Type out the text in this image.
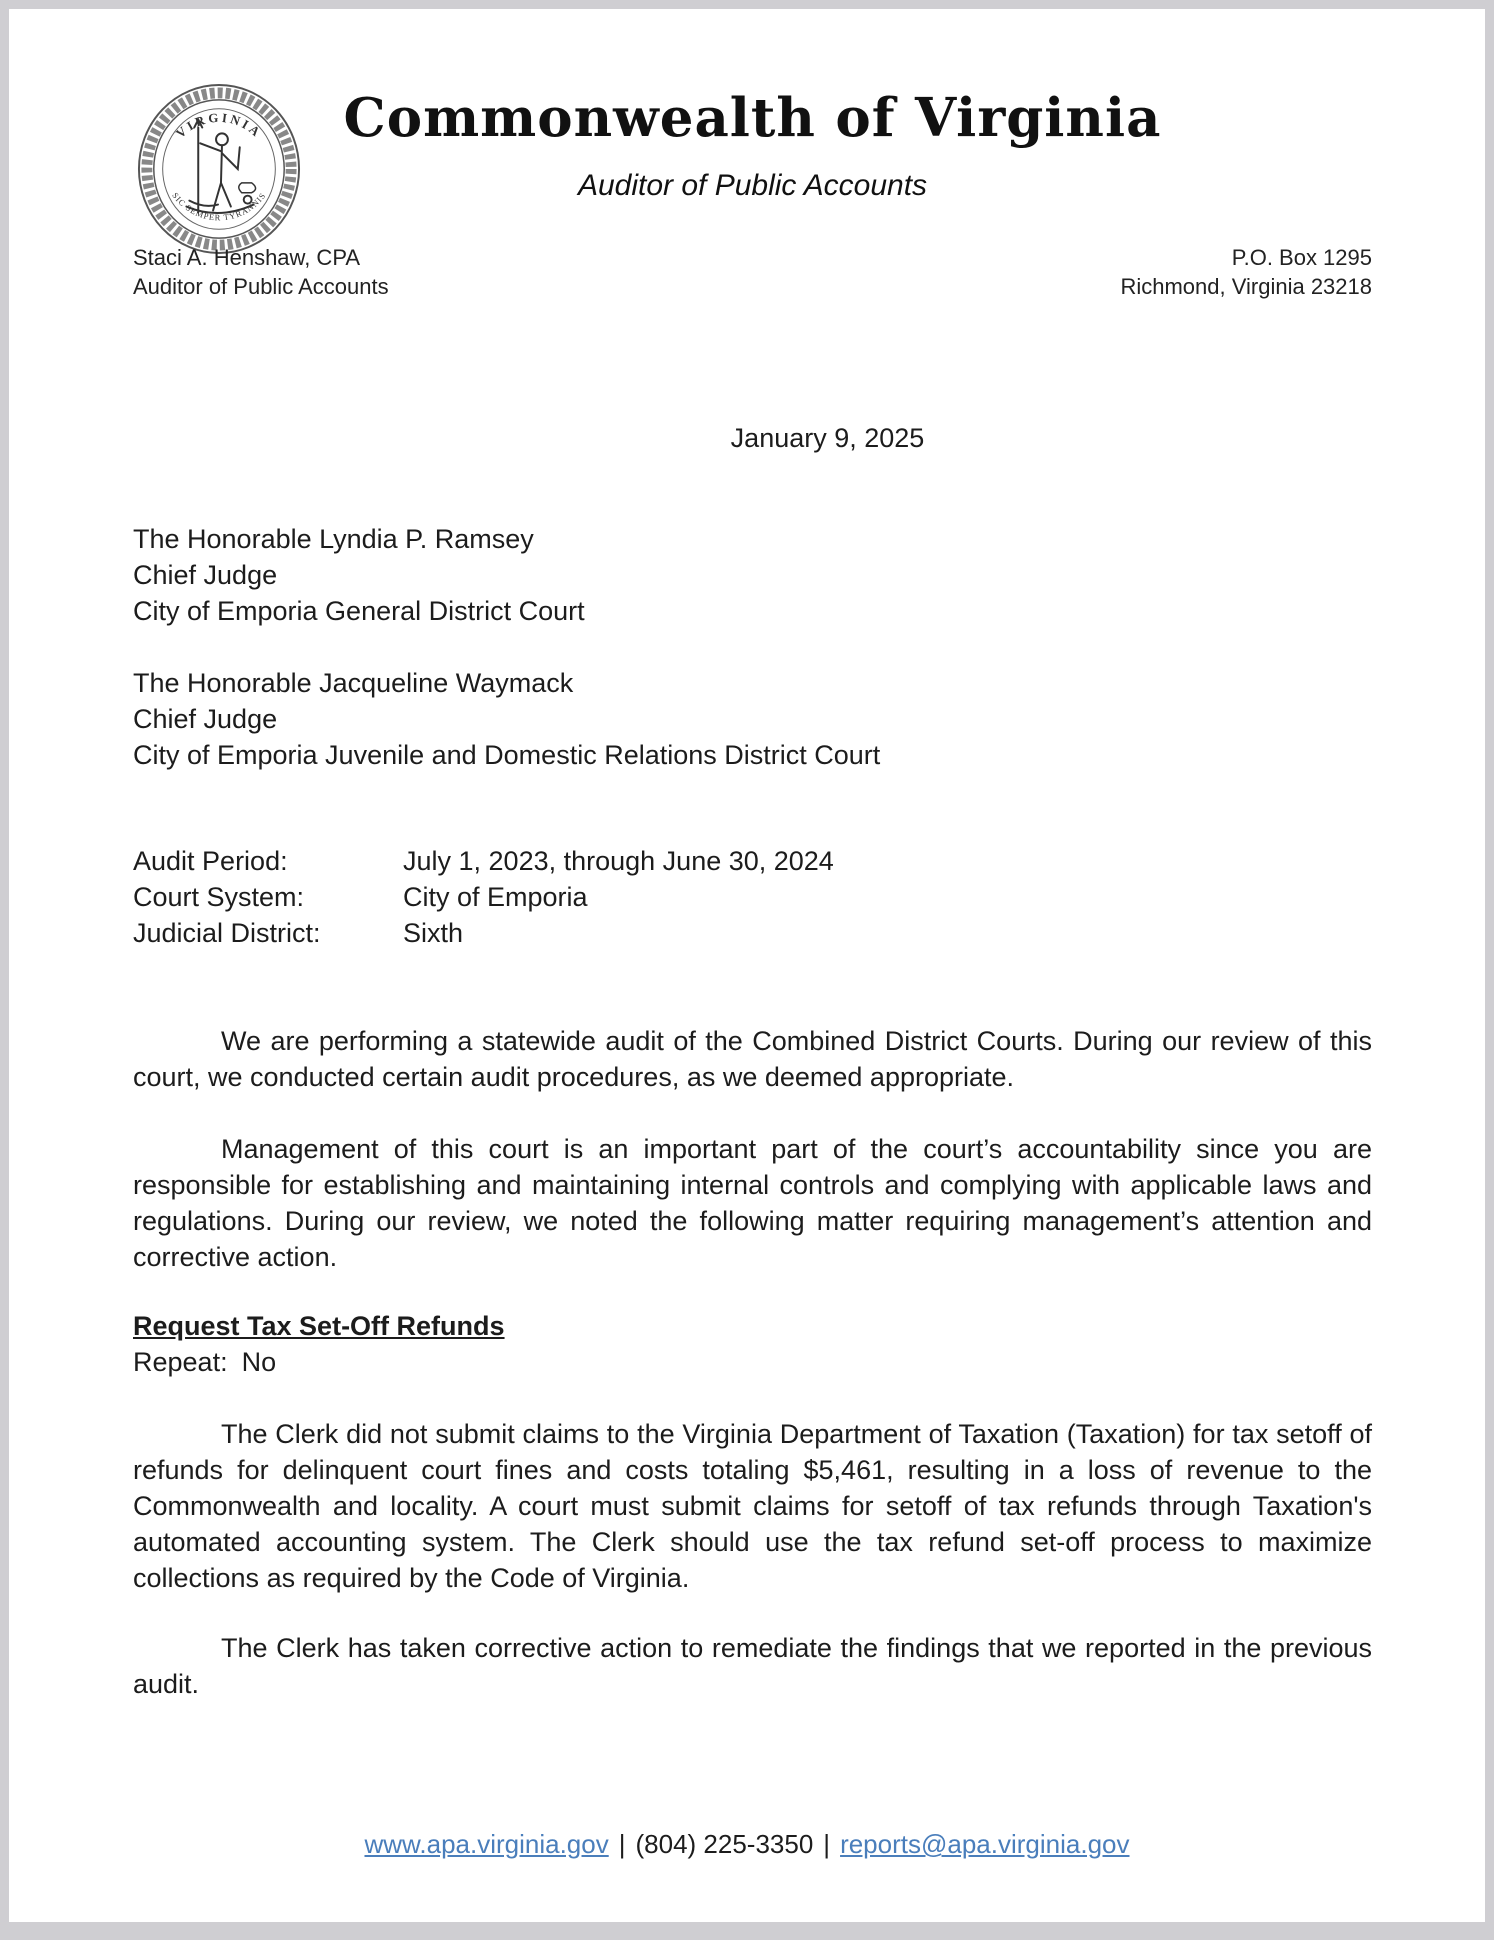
VIRGINIA
SIC SEMPER TYRANNIS
Commonwealth of Virginia
Auditor of Public Accounts
Staci A. Henshaw, CPA
Auditor of Public Accounts
P.O. Box 1295
Richmond, Virginia 23218
January 9, 2025
The Honorable Lyndia P. Ramsey
Chief Judge
City of Emporia General District Court
The Honorable Jacqueline Waymack
Chief Judge
City of Emporia Juvenile and Domestic Relations District Court
Audit Period:	July 1, 2023, through June 30, 2024
Court System:	City of Emporia
Judicial District:	Sixth

We are performing a statewide audit of the Combined District Courts. During our review of this court, we conducted certain audit procedures, as we deemed appropriate.

Management of this court is an important part of the court’s accountability since you are responsible for establishing and maintaining internal controls and complying with applicable laws and regulations. During our review, we noted the following matter requiring management’s attention and corrective action.

Request Tax Set-Off Refunds
Repeat: No

The Clerk did not submit claims to the Virginia Department of Taxation (Taxation) for tax setoff of refunds for delinquent court fines and costs totaling $5,461, resulting in a loss of revenue to the Commonwealth and locality. A court must submit claims for setoff of tax refunds through Taxation's automated accounting system. The Clerk should use the tax refund set-off process to maximize collections as required by the Code of Virginia.

The Clerk has taken corrective action to remediate the findings that we reported in the previous audit.

www.apa.virginia.gov | (804) 225-3350 | reports@apa.virginia.gov
